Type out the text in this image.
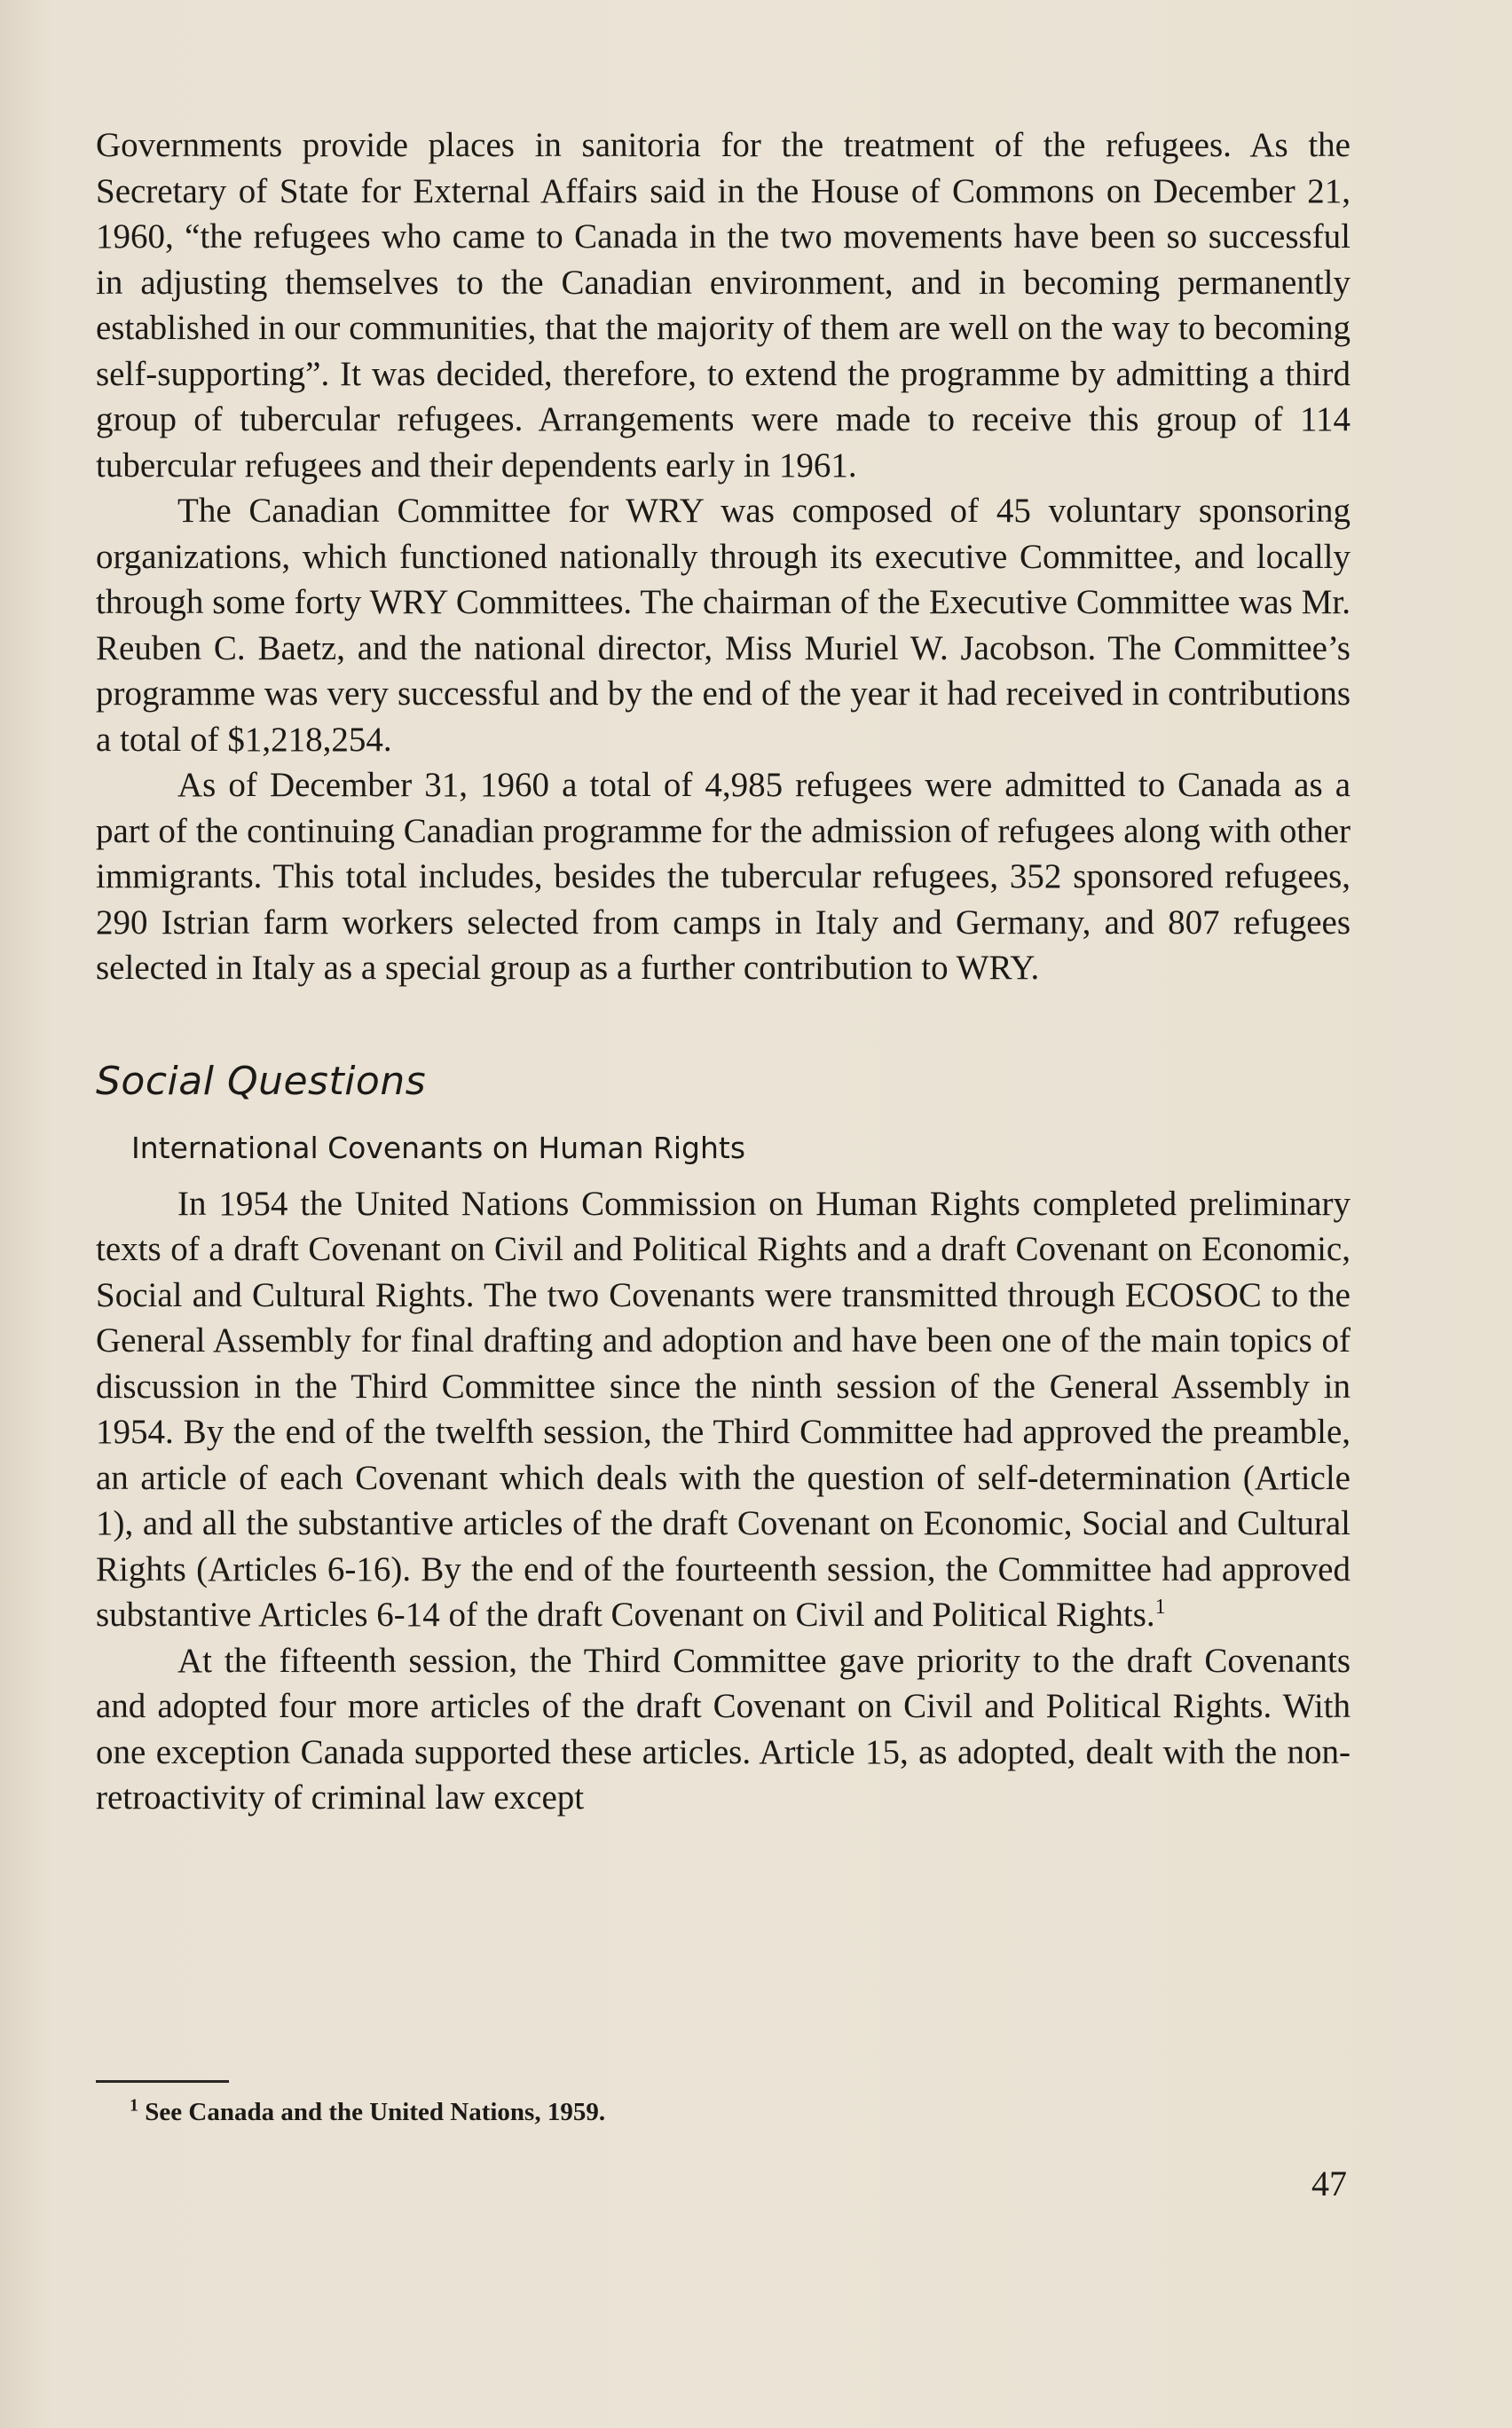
Governments provide places in sanitoria for the treatment of the refugees. As the Secretary of State for External Affairs said in the House of Commons on December 21, 1960, “the refugees who came to Canada in the two movements have been so successful in adjusting themselves to the Canadian environment, and in becoming permanently established in our communities, that the majority of them are well on the way to becoming self-supporting”. It was decided, therefore, to extend the programme by admitting a third group of tubercular refugees. Arrangements were made to receive this group of 114 tubercular refugees and their dependents early in 1961.

The Canadian Committee for WRY was composed of 45 voluntary sponsoring organizations, which functioned nationally through its executive Committee, and locally through some forty WRY Committees. The chairman of the Executive Committee was Mr. Reuben C. Baetz, and the national director, Miss Muriel W. Jacobson. The Committee’s programme was very successful and by the end of the year it had received in contributions a total of $1,218,254.

As of December 31, 1960 a total of 4,985 refugees were admitted to Canada as a part of the continuing Canadian programme for the admission of refugees along with other immigrants. This total includes, besides the tubercular refugees, 352 sponsored refugees, 290 Istrian farm workers selected from camps in Italy and Germany, and 807 refugees selected in Italy as a special group as a further contribution to WRY.

Social Questions
International Covenants on Human Rights

In 1954 the United Nations Commission on Human Rights completed preliminary texts of a draft Covenant on Civil and Political Rights and a draft Covenant on Economic, Social and Cultural Rights. The two Covenants were transmitted through ECOSOC to the General Assembly for final drafting and adoption and have been one of the main topics of discussion in the Third Committee since the ninth session of the General Assembly in 1954. By the end of the twelfth session, the Third Committee had approved the preamble, an article of each Covenant which deals with the question of self-determination (Article 1), and all the substantive articles of the draft Covenant on Economic, Social and Cultural Rights (Articles 6-16). By the end of the fourteenth session, the Committee had approved substantive Articles 6-14 of the draft Covenant on Civil and Political Rights.$^1$

At the fifteenth session, the Third Committee gave priority to the draft Covenants and adopted four more articles of the draft Covenant on Civil and Political Rights. With one exception Canada supported these articles. Article 15, as adopted, dealt with the non-retroactivity of criminal law except

$^1$ See Canada and the United Nations, 1959.
47
